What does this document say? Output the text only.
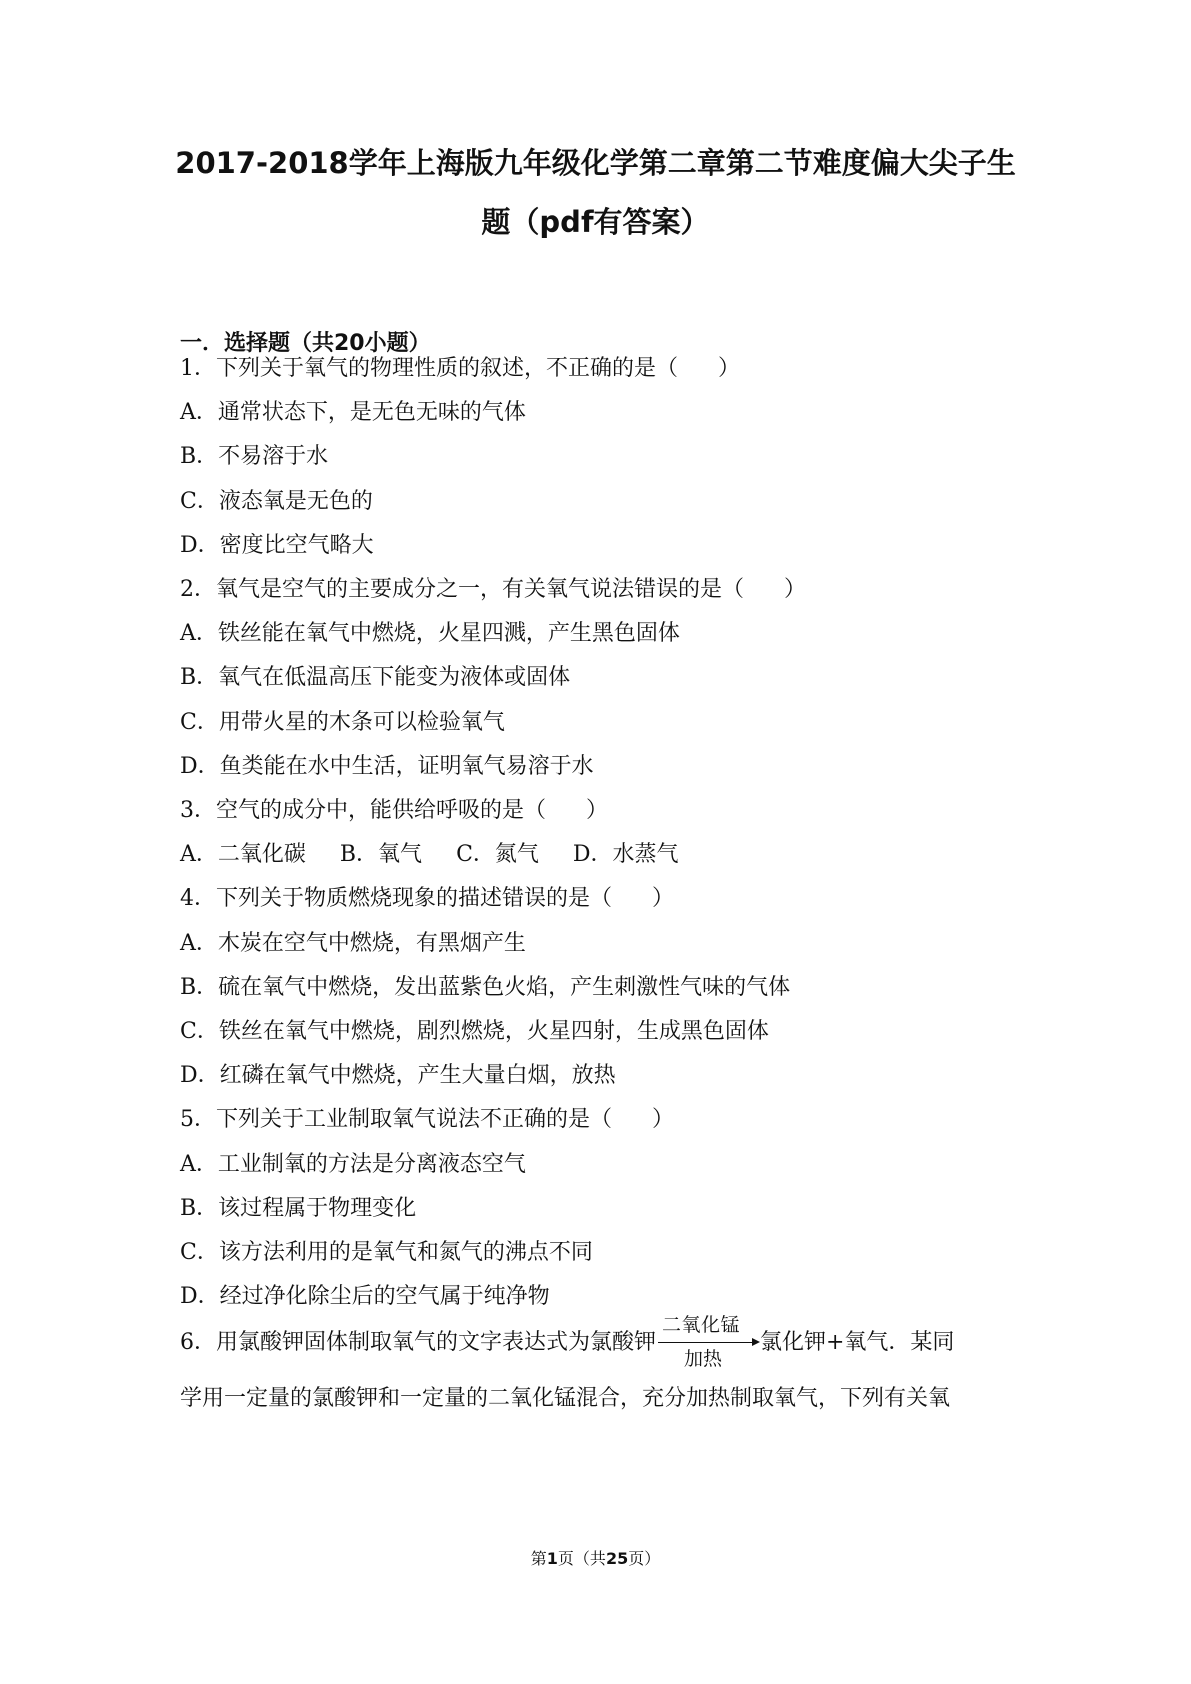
2017-2018学年上海版九年级化学第二章第二节难度偏大尖子生
题（pdf有答案）
一．选择题（共20小题）
1．下列关于氧气的物理性质的叙述，不正确的是（ ）
A．通常状态下，是无色无味的气体
B．不易溶于水
C．液态氧是无色的
D．密度比空气略大
2．氧气是空气的主要成分之一，有关氧气说法错误的是（ ）
A．铁丝能在氧气中燃烧，火星四溅，产生黑色固体
B．氧气在低温高压下能变为液体或固体
C．用带火星的木条可以检验氧气
D．鱼类能在水中生活，证明氧气易溶于水
3．空气的成分中，能供给呼吸的是（ ）
A．二氧化碳 B．氧气 C．氮气 D．水蒸气
4．下列关于物质燃烧现象的描述错误的是（ ）
A．木炭在空气中燃烧，有黑烟产生
B．硫在氧气中燃烧，发出蓝紫色火焰，产生刺激性气味的气体
C．铁丝在氧气中燃烧，剧烈燃烧，火星四射，生成黑色固体
D．红磷在氧气中燃烧，产生大量白烟，放热
5．下列关于工业制取氧气说法不正确的是（ ）
A．工业制氧的方法是分离液态空气
B．该过程属于物理变化
C．该方法利用的是氧气和氮气的沸点不同
D．经过净化除尘后的空气属于纯净物
6．用氯酸钾固体制取氧气的文字表达式为氯酸钾
二氧化锰
加热
氯化钾+氧气．某同
学用一定量的氯酸钾和一定量的二氧化锰混合，充分加热制取氧气，下列有关氧
第1页（共25页）
